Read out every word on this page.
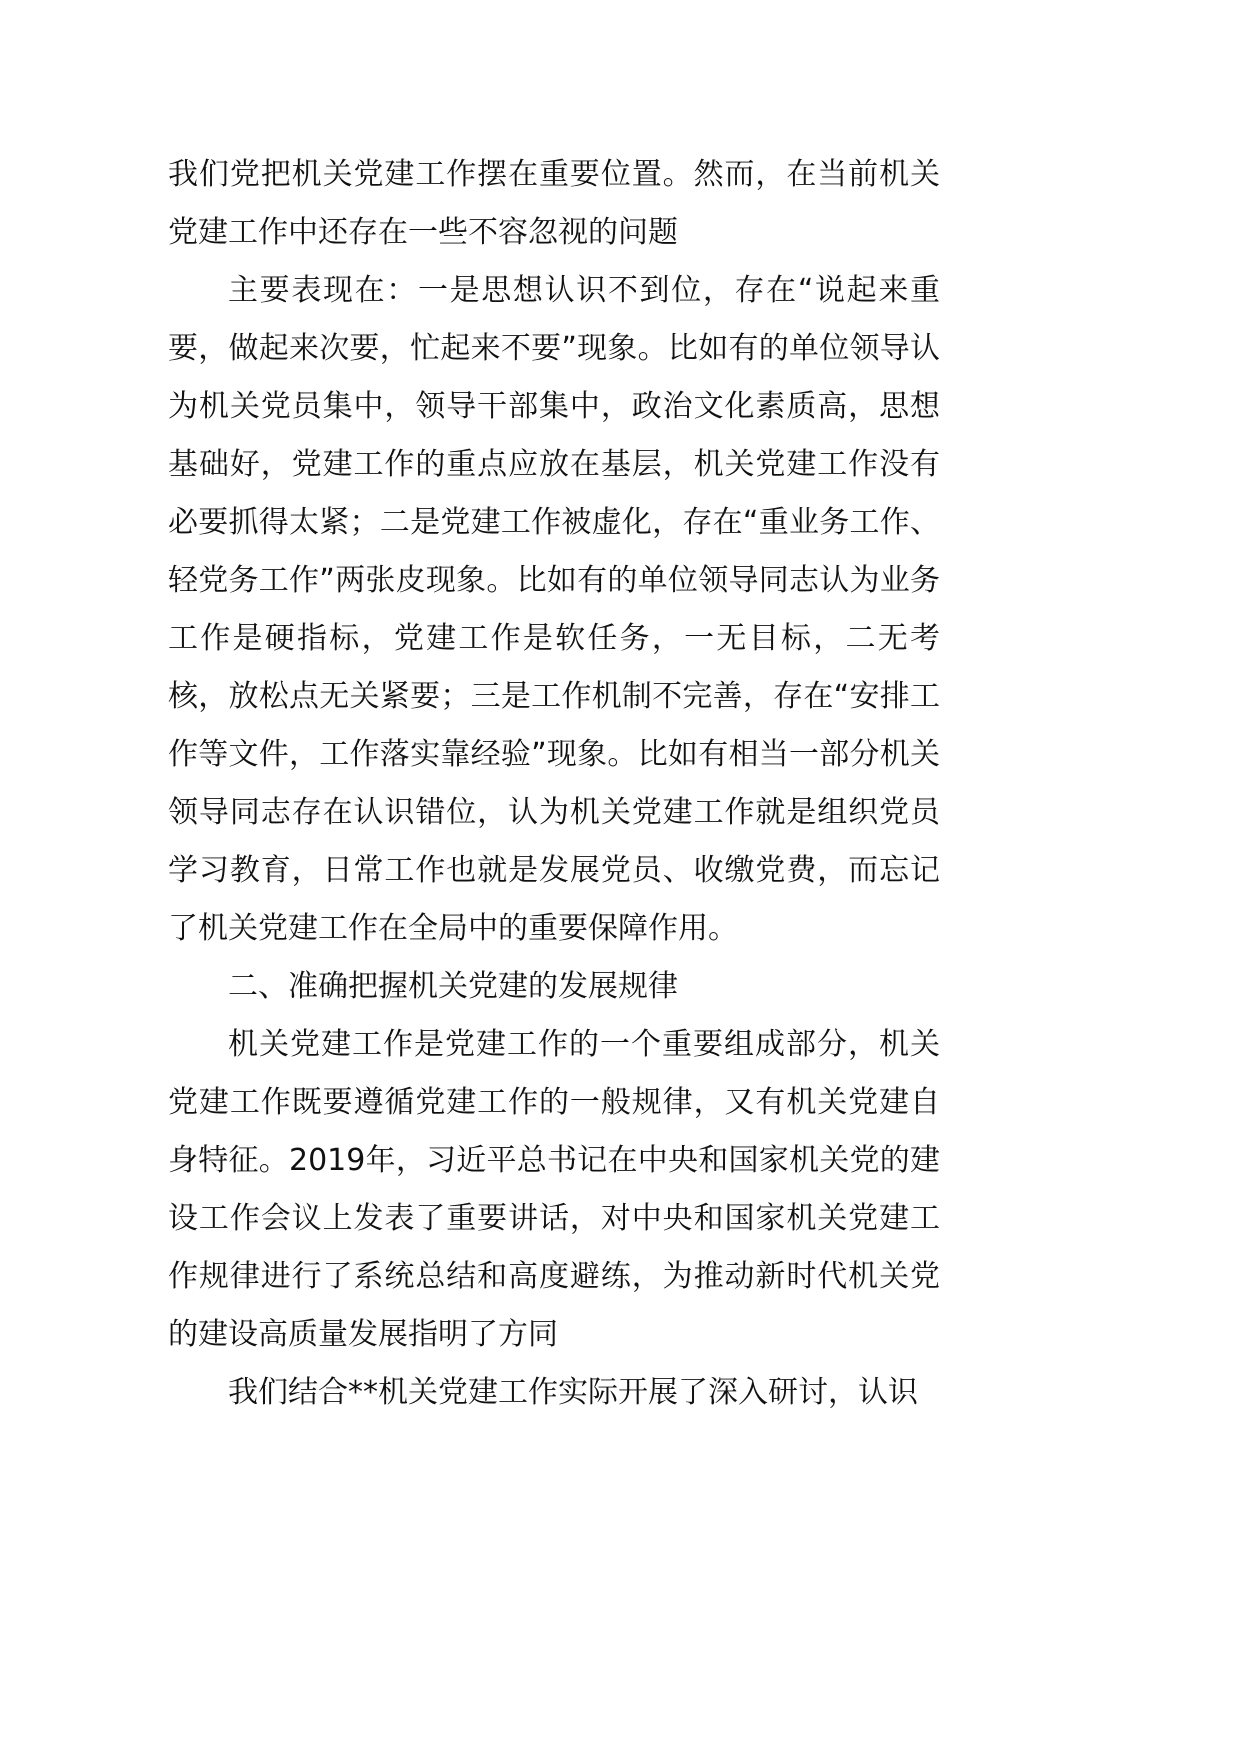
我们党把机关党建工作摆在重要位置。然而，在当前机关党建工作中还存在一些不容忽视的问题

主要表现在：一是思想认识不到位，存在“说起来重要，做起来次要，忙起来不要”现象。比如有的单位领导认为机关党员集中，领导干部集中，政治文化素质高，思想基础好，党建工作的重点应放在基层，机关党建工作没有必要抓得太紧；二是党建工作被虚化，存在“重业务工作、轻党务工作”两张皮现象。比如有的单位领导同志认为业务工作是硬指标，党建工作是软任务，一无目标，二无考核，放松点无关紧要；三是工作机制不完善，存在“安排工作等文件，工作落实靠经验”现象。比如有相当一部分机关领导同志存在认识错位，认为机关党建工作就是组织党员学习教育，日常工作也就是发展党员、收缴党费，而忘记了机关党建工作在全局中的重要保障作用。

二、准确把握机关党建的发展规律

机关党建工作是党建工作的一个重要组成部分，机关党建工作既要遵循党建工作的一般规律，又有机关党建自身特征。2019年，习近平总书记在中央和国家机关党的建设工作会议上发表了重要讲话，对中央和国家机关党建工作规律进行了系统总结和高度避练，为推动新时代机关党的建设高质量发展指明了方同

我们结合**机关党建工作实际开展了深入研讨，认识
